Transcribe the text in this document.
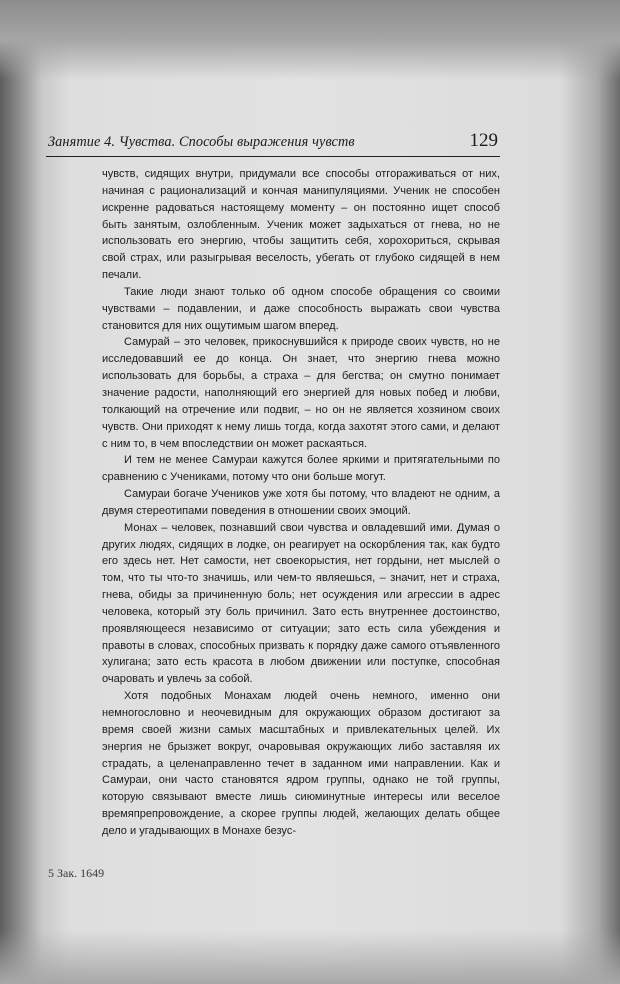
Занятие 4. Чувства. Способы выражения чувств	129

чувств, сидящих внутри, придумали все способы отгораживаться от них, начиная с рационализаций и кончая манипуляциями. Ученик не способен искренне радоваться настоящему моменту – он постоянно ищет способ быть занятым, озлобленным. Ученик может задыхаться от гнева, но не использовать его энергию, чтобы защитить себя, хорохориться, скрывая свой страх, или разыгрывая веселость, убегать от глубоко сидящей в нем печали.

Такие люди знают только об одном способе обращения со своими чувствами – подавлении, и даже способность выражать свои чувства становится для них ощутимым шагом вперед.

Самурай – это человек, прикоснувшийся к природе своих чувств, но не исследовавший ее до конца. Он знает, что энергию гнева можно использовать для борьбы, а страха – для бегства; он смутно понимает значение радости, наполняющий его энергией для новых побед и любви, толкающий на отречение или подвиг, – но он не является хозяином своих чувств. Они приходят к нему лишь тогда, когда захотят этого сами, и делают с ним то, в чем впоследствии он может раскаяться.

И тем не менее Самураи кажутся более яркими и притягательными по сравнению с Учениками, потому что они больше могут.

Самураи богаче Учеников уже хотя бы потому, что владеют не одним, а двумя стереотипами поведения в отношении своих эмоций.

Монах – человек, познавший свои чувства и овладевший ими. Думая о других людях, сидящих в лодке, он реагирует на оскорбления так, как будто его здесь нет. Нет самости, нет своекорыстия, нет гордыни, нет мыслей о том, что ты что-то значишь, или чем-то являешься, – значит, нет и страха, гнева, обиды за причиненную боль; нет осуждения или агрессии в адрес человека, который эту боль причинил. Зато есть внутреннее достоинство, проявляющееся независимо от ситуации; зато есть сила убеждения и правоты в словах, способных призвать к порядку даже самого отъявленного хулигана; зато есть красота в любом движении или поступке, способная очаровать и увлечь за собой.

Хотя подобных Монахам людей очень немного, именно они немногословно и неочевидным для окружающих образом достигают за время своей жизни самых масштабных и привлекательных целей. Их энергия не брызжет вокруг, очаровывая окружающих либо заставляя их страдать, а целенаправленно течет в заданном ими направлении. Как и Самураи, они часто становятся ядром группы, однако не той группы, которую связывают вместе лишь сиюминутные интересы или веселое времяпрепровождение, а скорее группы людей, желающих делать общее дело и угадывающих в Монахе безус-

5 Зак. 1649
